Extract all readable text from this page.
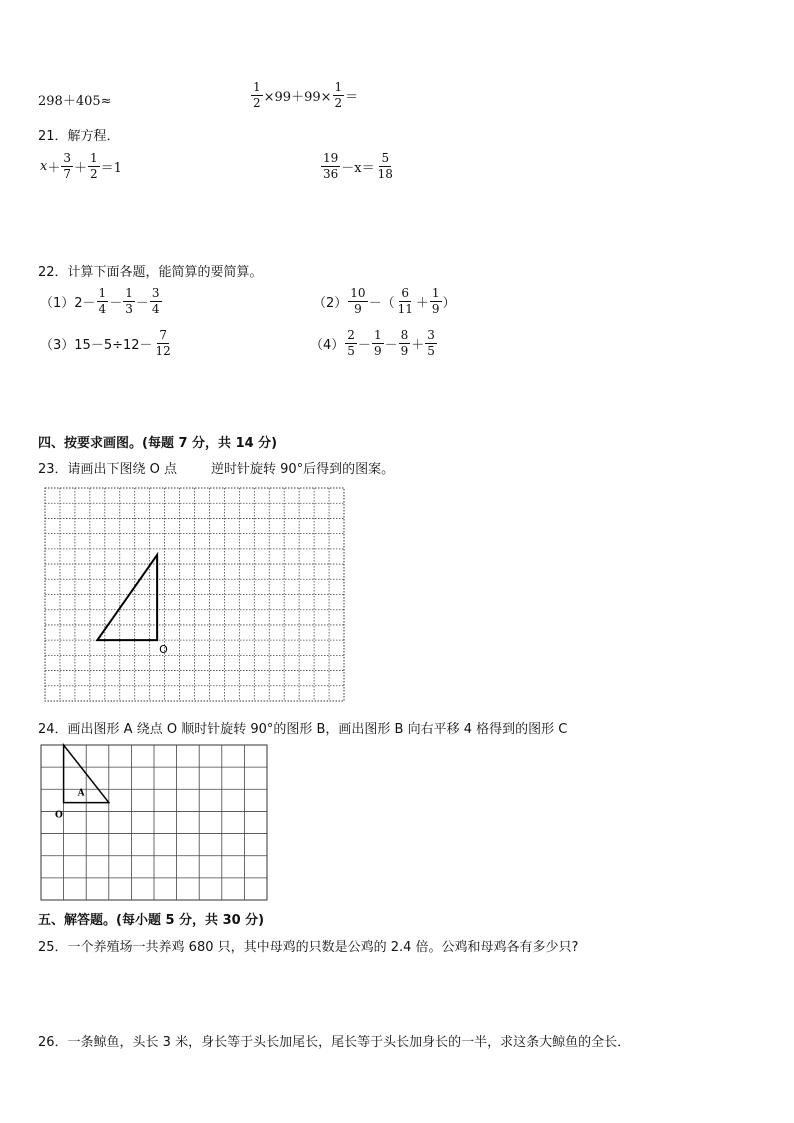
298＋405≈	$\frac{1}{2} \times 99+99\times \frac{1}{2}$ ＝
21．解方程．
$x + \frac{3}{7} + \frac{1}{2} =1$	$\frac{19}{36} -x= \frac{5}{18}$
22．计算下面各题，能简算的要简算。
$(1)2- \frac{1}{4} - \frac{1}{3} - \frac{3}{4}$	$(2) \frac{10}{9}$ －（ $\frac{6}{11} + \frac{1}{9}$ ）
$(3)15-5\div 12- \frac{7}{12}$	$(4) \frac{2}{5} - \frac{1}{9} - \frac{8}{9} + \frac{3}{5}$
四、按要求画图。(每题 7 分，共 14 分)
23．请画出下图绕 O 点	逆时针旋转 90°后得到的图案。
O
24．画出图形 A 绕点 O 顺时针旋转 90°的图形 B，画出图形 B 向右平移 4 格得到的图形 C
A
O
五、解答题。(每小题 5 分，共 30 分)
25．一个养殖场一共养鸡 680 只，其中母鸡的只数是公鸡的 2.4 倍。公鸡和母鸡各有多少只?
26．一条鲸鱼，头长 3 米，身长等于头长加尾长，尾长等于头长加身长的一半，求这条大鲸鱼的全长．
